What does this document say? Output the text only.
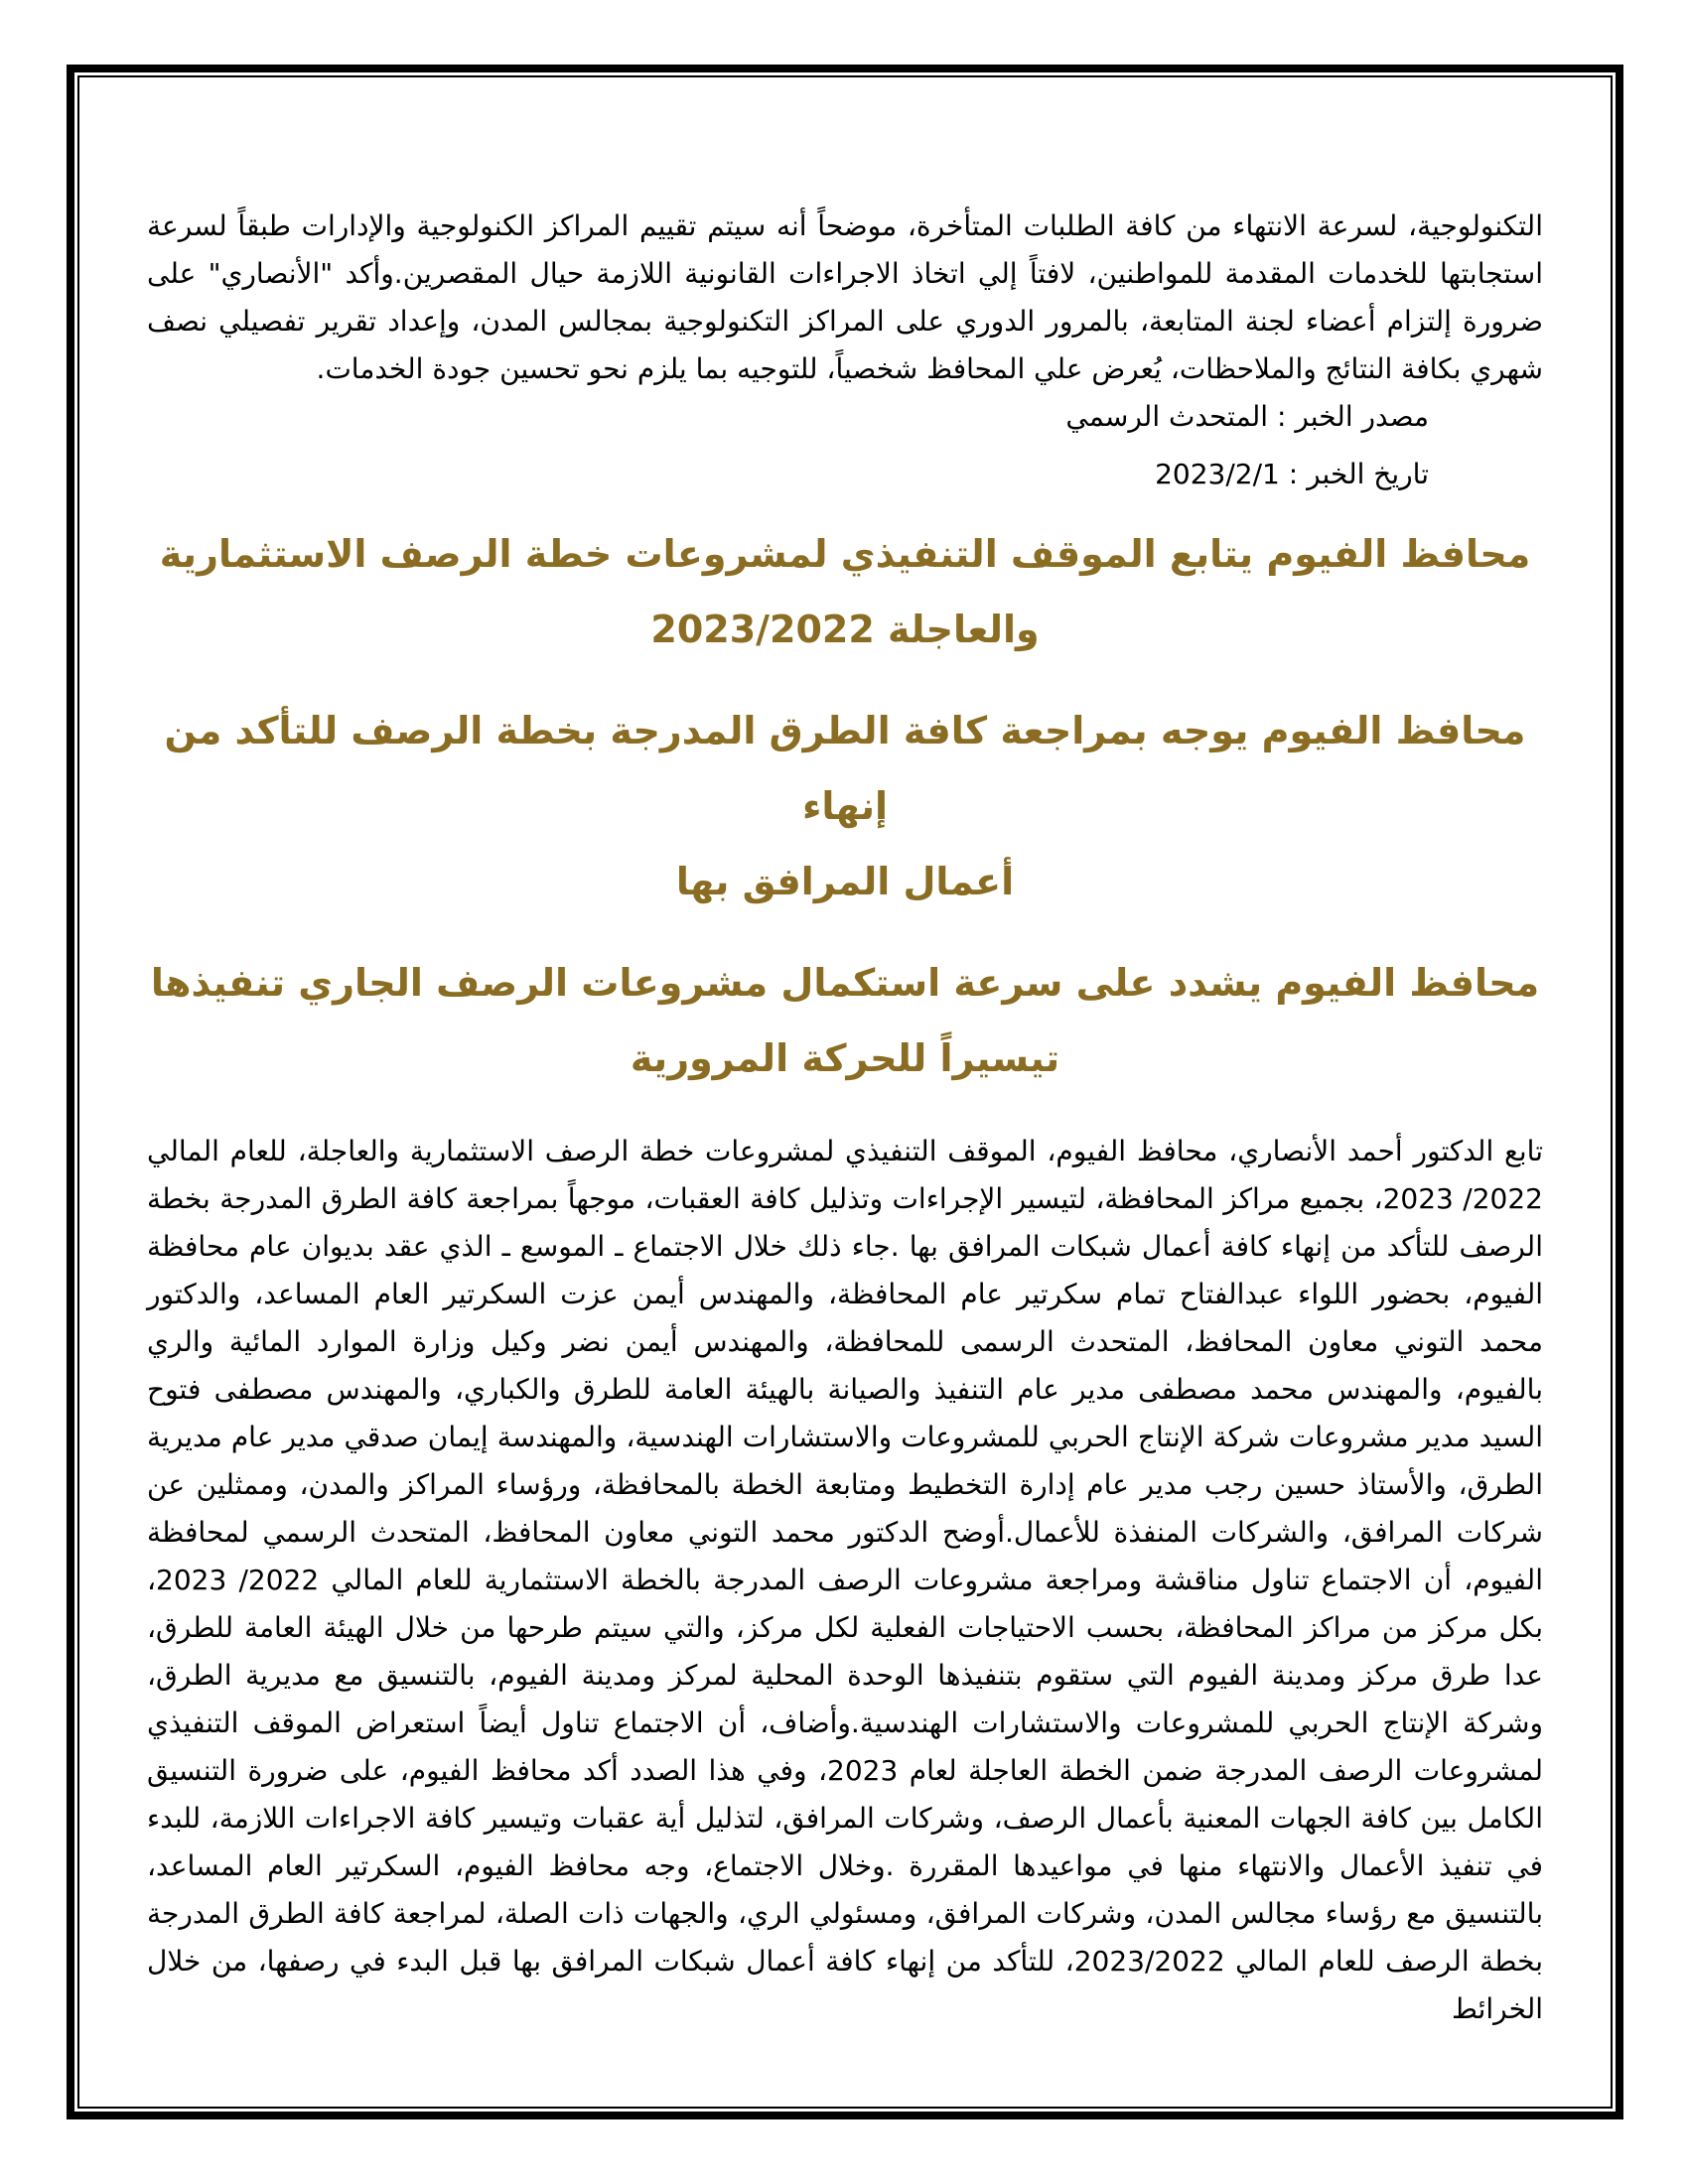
التكنولوجية، لسرعة الانتهاء من كافة الطلبات المتأخرة، موضحاً أنه سيتم تقييم المراكز الكنولوجية والإدارات طبقاً لسرعة استجابتها للخدمات المقدمة للمواطنين، لافتاً إلي اتخاذ الاجراءات القانونية اللازمة حيال المقصرين.وأكد "الأنصاري" على ضرورة إلتزام أعضاء لجنة المتابعة، بالمرور الدوري على المراكز التكنولوجية بمجالس المدن، وإعداد تقرير تفصيلي نصف شهري بكافة النتائج والملاحظات، يُعرض علي المحافظ شخصياً، للتوجيه بما يلزم نحو تحسين جودة الخدمات.

مصدر الخبر : المتحدث الرسمي

تاريخ الخبر : 2023/2/1

محافظ الفيوم يتابع الموقف التنفيذي لمشروعات خطة الرصف الاستثمارية
والعاجلة 2023/2022
محافظ الفيوم يوجه بمراجعة كافة الطرق المدرجة بخطة الرصف للتأكد من إنهاء
أعمال المرافق بها
محافظ الفيوم يشدد على سرعة استكمال مشروعات الرصف الجاري تنفيذها
تيسيراً للحركة المرورية

تابع الدكتور أحمد الأنصاري، محافظ الفيوم، الموقف التنفيذي لمشروعات خطة الرصف الاستثمارية والعاجلة، للعام المالي 2022/ 2023، بجميع مراكز المحافظة، لتيسير الإجراءات وتذليل كافة العقبات، موجهاً بمراجعة كافة الطرق المدرجة بخطة الرصف للتأكد من إنهاء كافة أعمال شبكات المرافق بها .جاء ذلك خلال الاجتماع ـ الموسع ـ الذي عقد بديوان عام محافظة الفيوم، بحضور اللواء عبدالفتاح تمام سكرتير عام المحافظة، والمهندس أيمن عزت السكرتير العام المساعد، والدكتور محمد التوني معاون المحافظ، المتحدث الرسمى للمحافظة، والمهندس أيمن نضر وكيل وزارة الموارد المائية والري بالفيوم، والمهندس محمد مصطفى مدير عام التنفيذ والصيانة بالهيئة العامة للطرق والكباري، والمهندس مصطفى فتوح السيد مدير مشروعات شركة الإنتاج الحربي للمشروعات والاستشارات الهندسية، والمهندسة إيمان صدقي مدير عام مديرية الطرق، والأستاذ حسين رجب مدير عام إدارة التخطيط ومتابعة الخطة بالمحافظة، ورؤساء المراكز والمدن، وممثلين عن شركات المرافق، والشركات المنفذة للأعمال.أوضح الدكتور محمد التوني معاون المحافظ، المتحدث الرسمي لمحافظة الفيوم، أن الاجتماع تناول مناقشة ومراجعة مشروعات الرصف المدرجة بالخطة الاستثمارية للعام المالي 2022/ 2023، بكل مركز من مراكز المحافظة، بحسب الاحتياجات الفعلية لكل مركز، والتي سيتم طرحها من خلال الهيئة العامة للطرق، عدا طرق مركز ومدينة الفيوم التي ستقوم بتنفيذها الوحدة المحلية لمركز ومدينة الفيوم، بالتنسيق مع مديرية الطرق، وشركة الإنتاج الحربي للمشروعات والاستشارات الهندسية.وأضاف، أن الاجتماع تناول أيضاً استعراض الموقف التنفيذي لمشروعات الرصف المدرجة ضمن الخطة العاجلة لعام 2023، وفي هذا الصدد أكد محافظ الفيوم، على ضرورة التنسيق الكامل بين كافة الجهات المعنية بأعمال الرصف، وشركات المرافق، لتذليل أية عقبات وتيسير كافة الاجراءات اللازمة، للبدء في تنفيذ الأعمال والانتهاء منها في مواعيدها المقررة .وخلال الاجتماع، وجه محافظ الفيوم، السكرتير العام المساعد، بالتنسيق مع رؤساء مجالس المدن، وشركات المرافق، ومسئولي الري، والجهات ذات الصلة، لمراجعة كافة الطرق المدرجة بخطة الرصف للعام المالي 2023/2022، للتأكد من إنهاء كافة أعمال شبكات المرافق بها قبل البدء في رصفها، من خلال الخرائط
